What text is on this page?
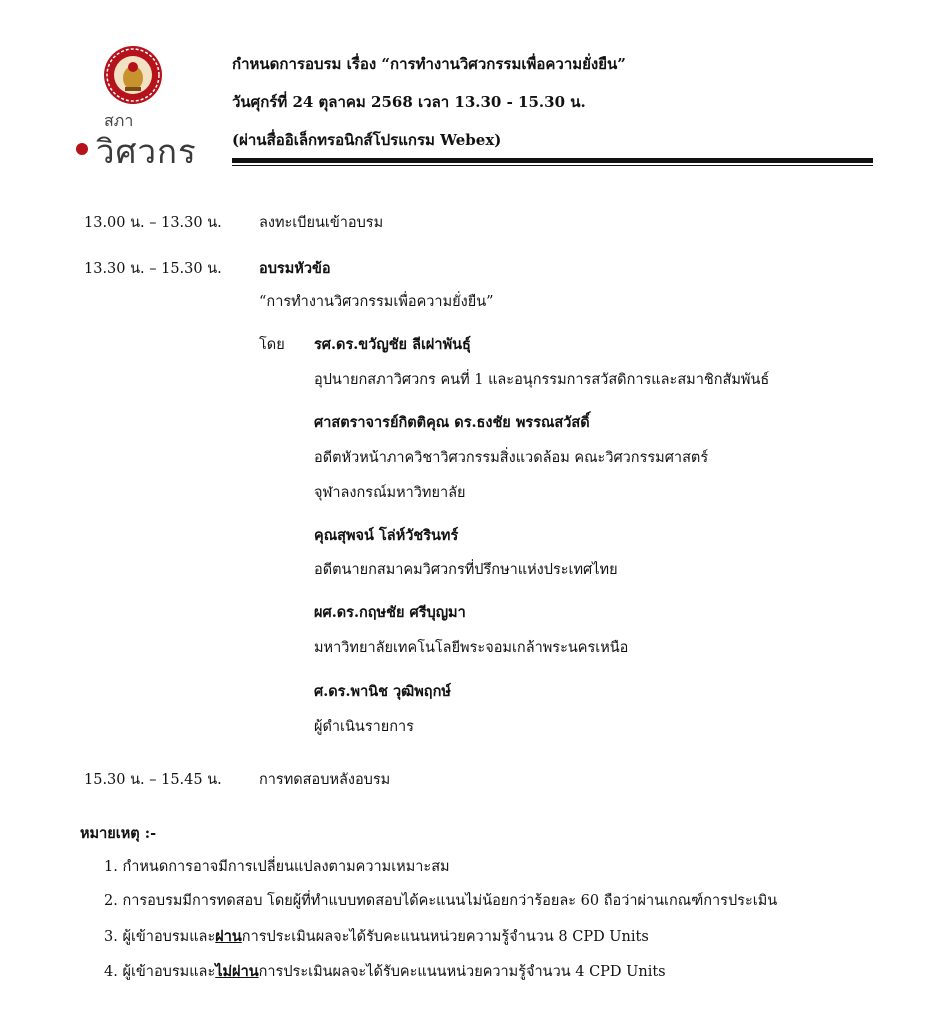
สภา
วิศวกร
กำหนดการอบรม เรื่อง “การทำงานวิศวกรรมเพื่อความยั่งยืน”
วันศุกร์ที่ 24 ตุลาคม 2568 เวลา 13.30 - 15.30 น.
(ผ่านสื่ออิเล็กทรอนิกส์โปรแกรม Webex)
13.00 น. – 13.30 น.	ลงทะเบียนเข้าอบรม
13.30 น. – 15.30 น.	อบรมหัวข้อ
“การทำงานวิศวกรรมเพื่อความยั่งยืน”
โดย รศ.ดร.ขวัญชัย ลีเผ่าพันธุ์
อุปนายกสภาวิศวกร คนที่ 1 และอนุกรรมการสวัสดิการและสมาชิกสัมพันธ์
ศาสตราจารย์กิตติคุณ ดร.ธงชัย พรรณสวัสดิ์
อดีตหัวหน้าภาควิชาวิศวกรรมสิ่งแวดล้อม คณะวิศวกรรมศาสตร์
จุฬาลงกรณ์มหาวิทยาลัย
คุณสุพจน์ โล่ห์วัชรินทร์
อดีตนายกสมาคมวิศวกรที่ปรึกษาแห่งประเทศไทย
ผศ.ดร.กฤษชัย ศรีบุญมา
มหาวิทยาลัยเทคโนโลยีพระจอมเกล้าพระนครเหนือ
ศ.ดร.พานิช วุฒิพฤกษ์
ผู้ดำเนินรายการ
15.30 น. – 15.45 น.	การทดสอบหลังอบรม
หมายเหตุ :-
1. กำหนดการอาจมีการเปลี่ยนแปลงตามความเหมาะสม
2. การอบรมมีการทดสอบ โดยผู้ที่ทำแบบทดสอบได้คะแนนไม่น้อยกว่าร้อยละ 60 ถือว่าผ่านเกณฑ์การประเมิน
3. ผู้เข้าอบรมและผ่านการประเมินผลจะได้รับคะแนนหน่วยความรู้จำนวน 8 CPD Units
4. ผู้เข้าอบรมและไม่ผ่านการประเมินผลจะได้รับคะแนนหน่วยความรู้จำนวน 4 CPD Units
